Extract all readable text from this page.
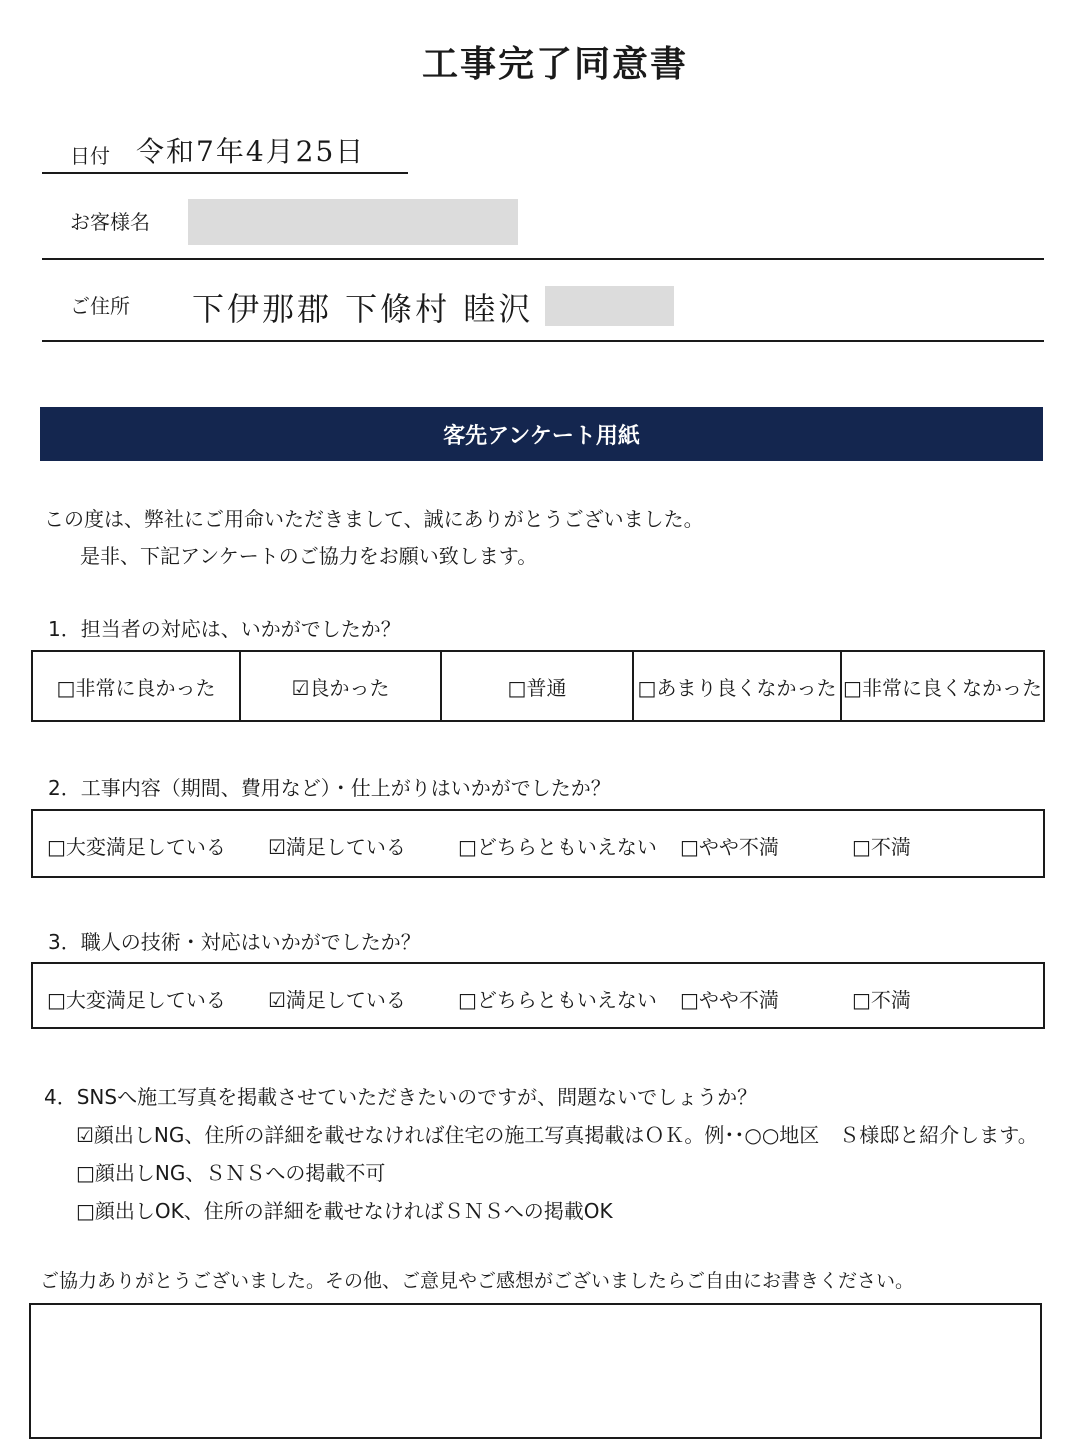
工事完了同意書
日付 令和7年4月25日
お客様名
ご住所 下伊那郡 下條村 睦沢
客先アンケート用紙
この度は、弊社にご用命いただきまして、誠にありがとうございました。
是非、下記アンケートのご協力をお願い致します。
1．担当者の対応は、いかがでしたか？
□非常に良かった	☑良かった	□普通	□あまり良くなかった □非常に良くなかった
2．工事内容（期間、費用など）・仕上がりはいかがでしたか？
□大変満足している ☑満足している	□どちらともいえない □やや不満	□不満
3．職人の技術・対応はいかがでしたか？
□大変満足している ☑満足している	□どちらともいえない □やや不満	□不満
4．SNSへ施工写真を掲載させていただきたいのですが、問題ないでしょうか？
☑顔出しNG、住所の詳細を載せなければ住宅の施工写真掲載はＯＫ。例･･○○地区　Ｓ様邸と紹介します。
□顔出しNG、ＳＮＳへの掲載不可
□顔出しOK、住所の詳細を載せなければＳＮＳへの掲載OK
ご協力ありがとうございました。その他、ご意見やご感想がございましたらご自由にお書きください。
